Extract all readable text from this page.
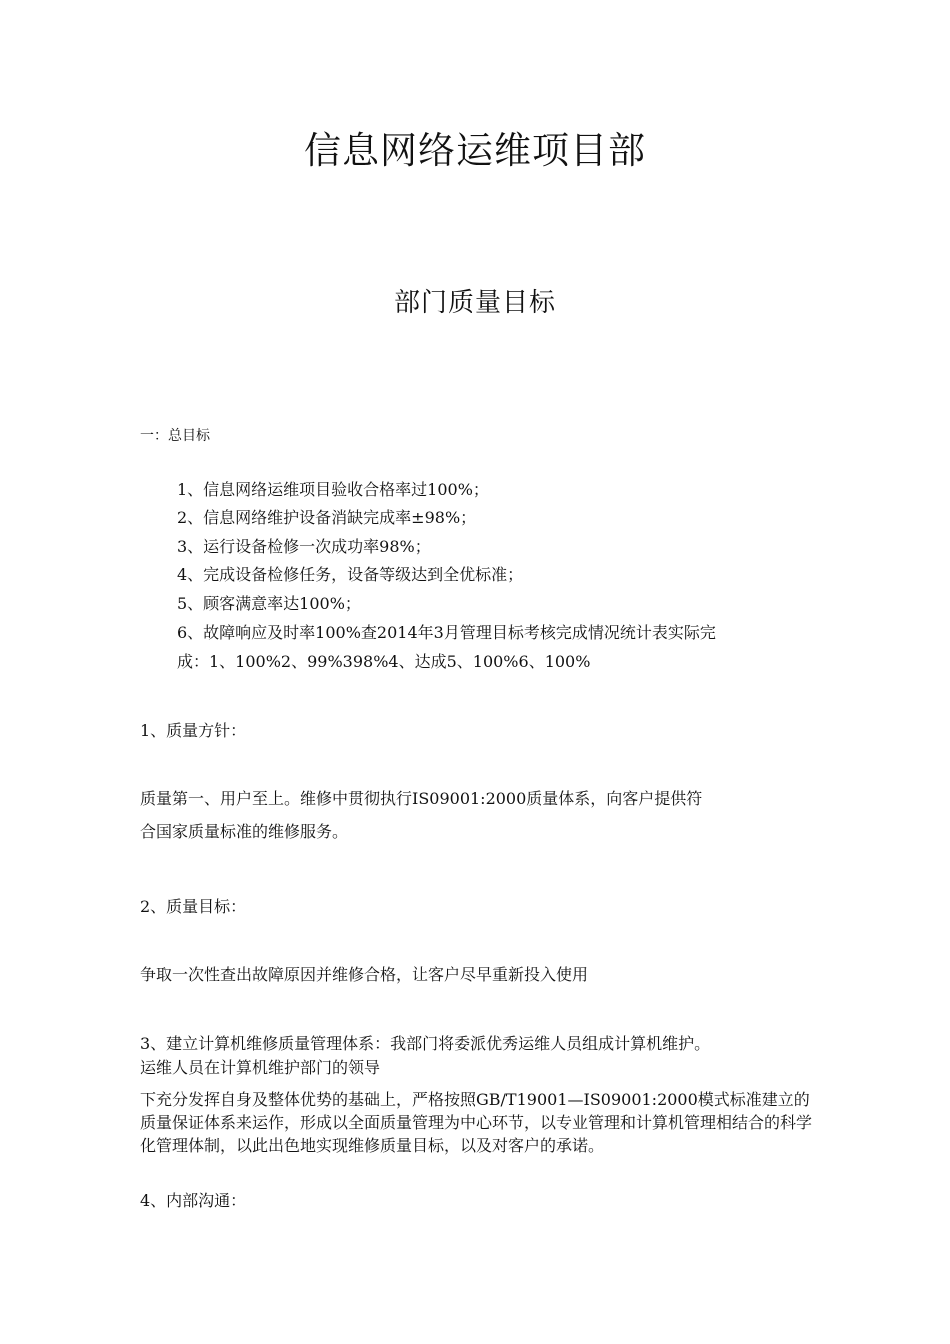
信息网络运维项目部
部门质量目标
一：总目标
1、信息网络运维项目验收合格率过100%；
2、信息网络维护设备消缺完成率±98%；
3、运行设备检修一次成功率98%；
4、完成设备检修任务，设备等级达到全优标准；
5、顾客满意率达100%；
6、故障响应及时率100%查2014年3月管理目标考核完成情况统计表实际完
成：1、100%2、99%398%4、达成5、100%6、100%
1、质量方针：
质量第一、用户至上。维修中贯彻执行IS09001:2000质量体系，向客户提供符
合国家质量标准的维修服务。
2、质量目标：
争取一次性查出故障原因并维修合格，让客户尽早重新投入使用
3、建立计算机维修质量管理体系：我部门将委派优秀运维人员组成计算机维护。
运维人员在计算机维护部门的领导
下充分发挥自身及整体优势的基础上，严格按照GB/T19001—IS09001:2000模式标准建立的质量保证体系来运作，形成以全面质量管理为中心环节，以专业管理和计算机管理相结合的科学化管理体制，以此出色地实现维修质量目标，以及对客户的承诺。
4、内部沟通：
